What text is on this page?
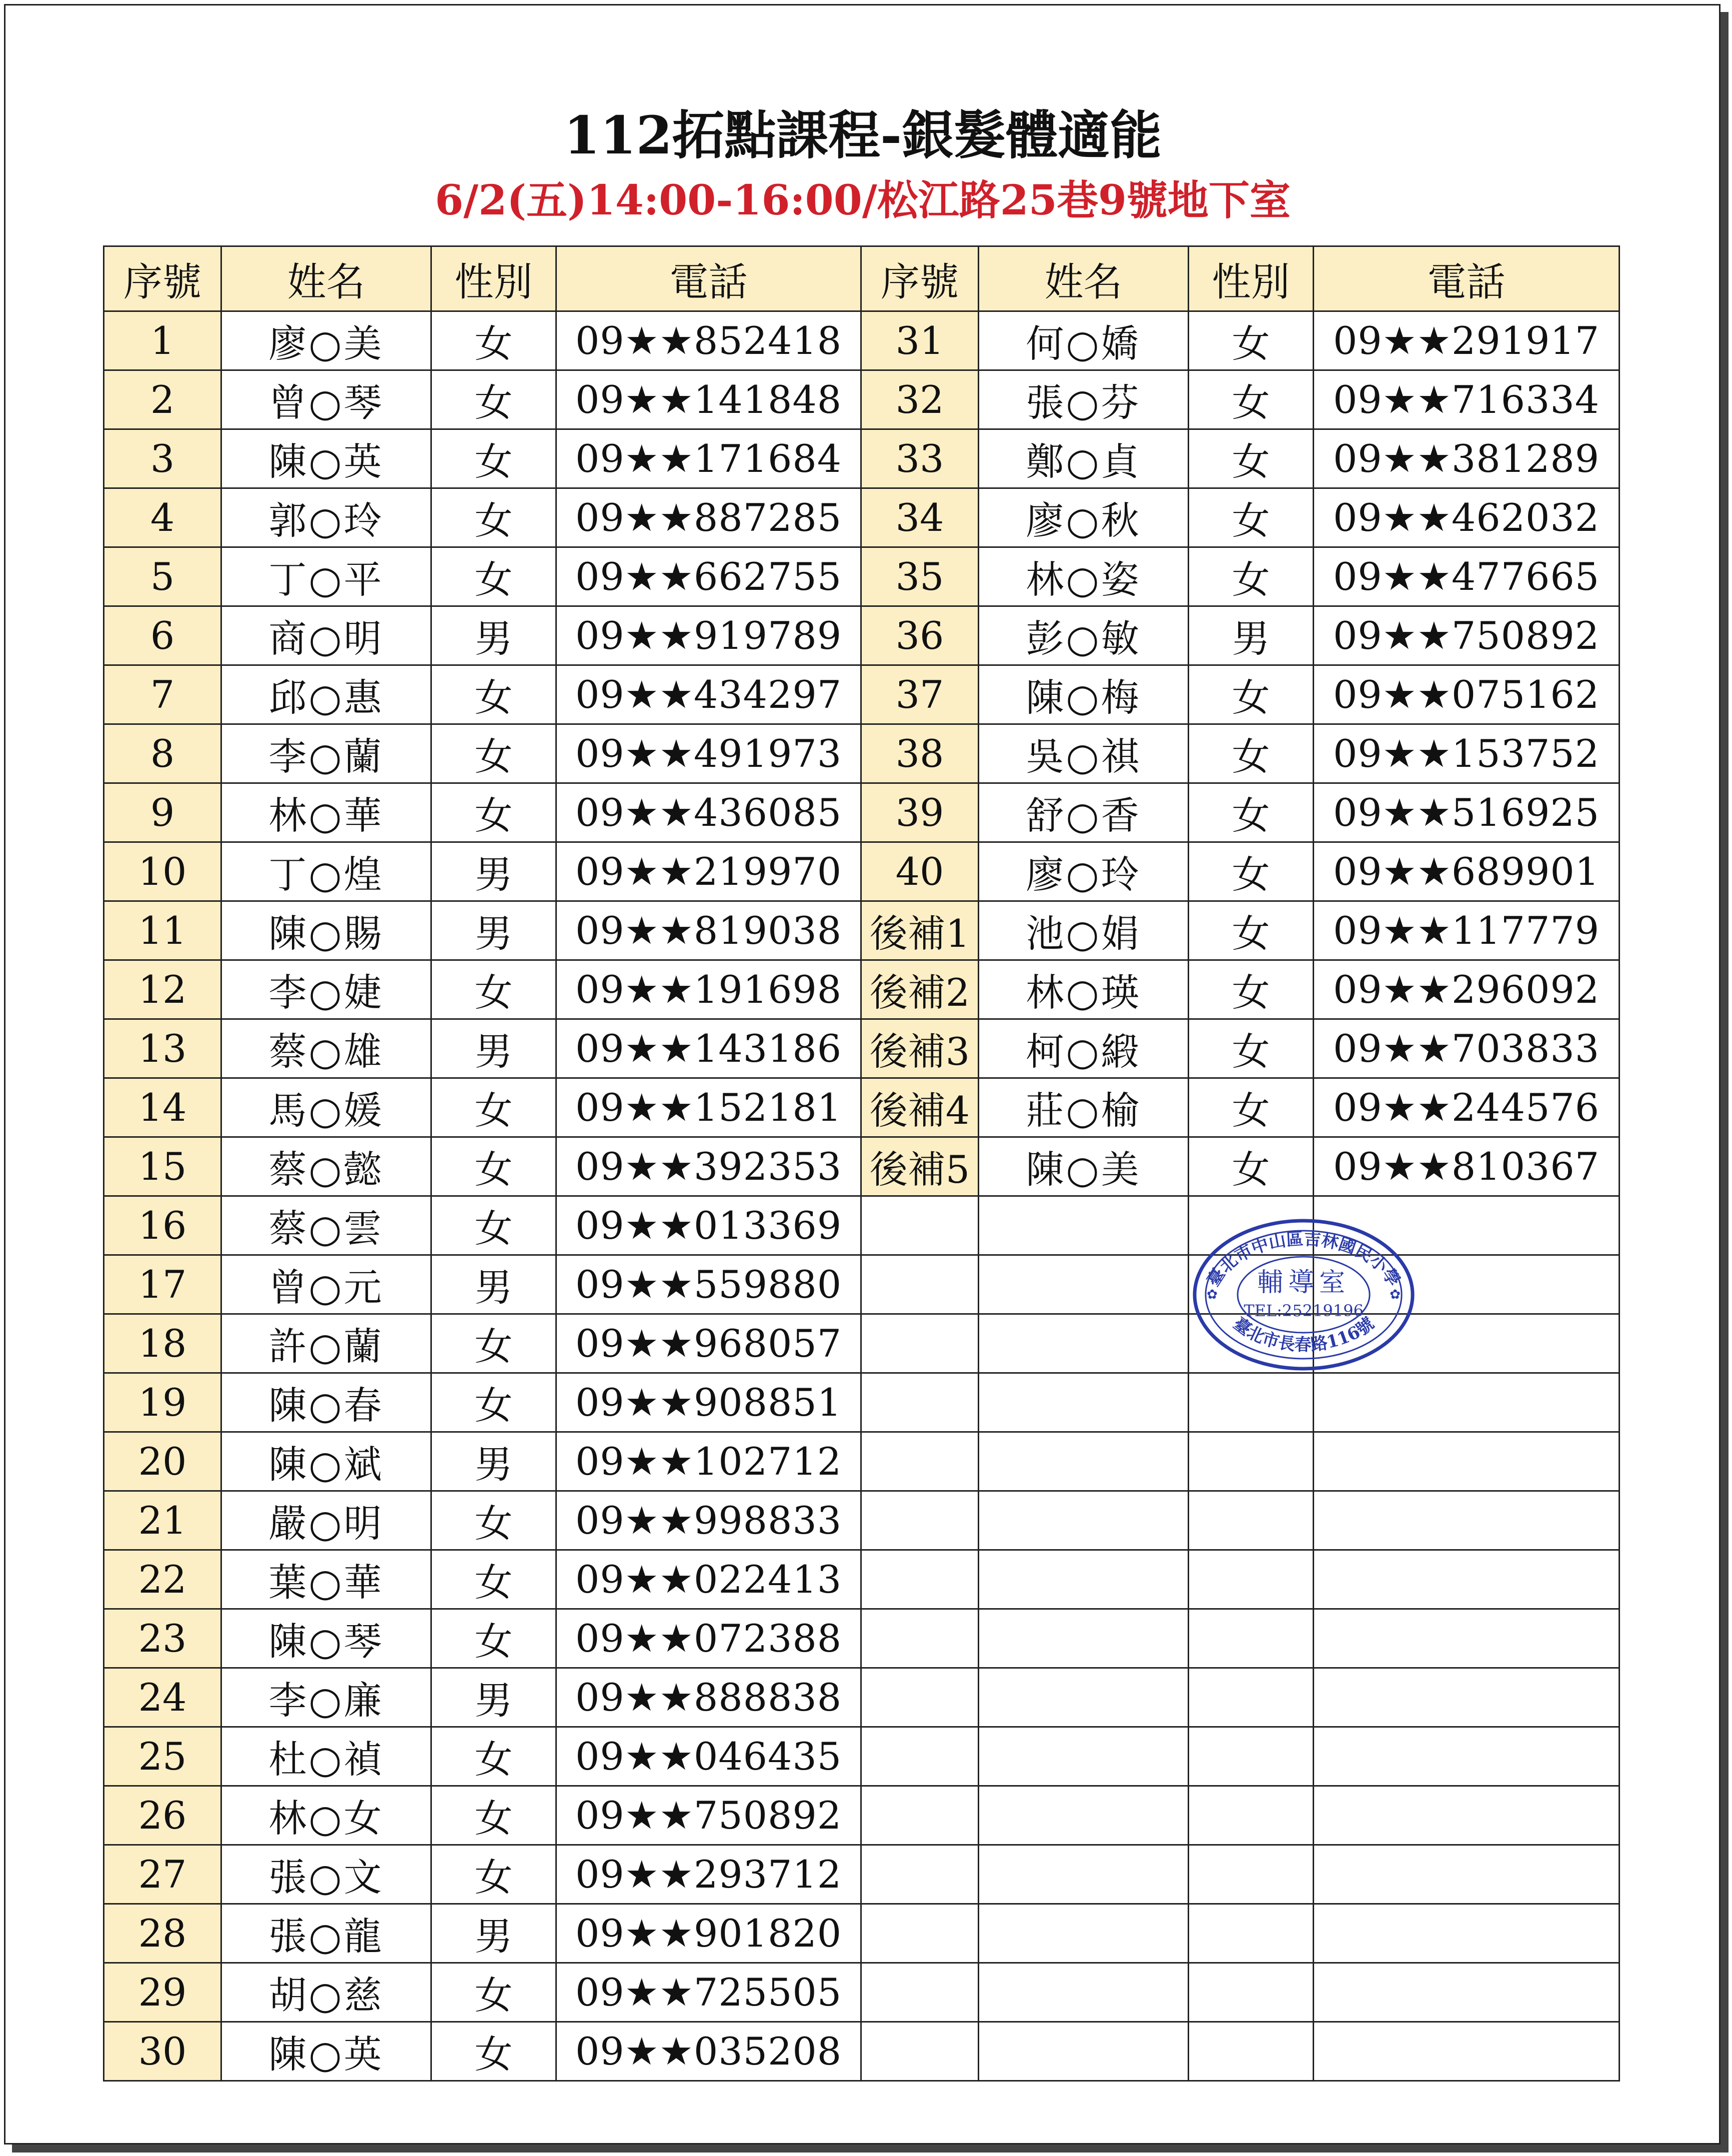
112拓點課程-銀髮體適能
6/2(五)14:00-16:00/松江路25巷9號地下室
序號	姓名	性別	電話	序號	姓名	性別	電話
1	廖○美	女	09★★852418	31	何○嬌	女	09★★291917
2	曾○琴	女	09★★141848	32	張○芬	女	09★★716334
3	陳○英	女	09★★171684	33	鄭○貞	女	09★★381289
4	郭○玲	女	09★★887285	34	廖○秋	女	09★★462032
5	丁○平	女	09★★662755	35	林○姿	女	09★★477665
6	商○明	男	09★★919789	36	彭○敏	男	09★★750892
7	邱○惠	女	09★★434297	37	陳○梅	女	09★★075162
8	李○蘭	女	09★★491973	38	吳○祺	女	09★★153752
9	林○華	女	09★★436085	39	舒○香	女	09★★516925
10	丁○煌	男	09★★219970	40	廖○玲	女	09★★689901
11	陳○賜	男	09★★819038	後補1	池○娟	女	09★★117779
12	李○婕	女	09★★191698	後補2	林○瑛	女	09★★296092
13	蔡○雄	男	09★★143186	後補3	柯○緞	女	09★★703833
14	馬○媛	女	09★★152181	後補4	莊○榆	女	09★★244576
15	蔡○懿	女	09★★392353	後補5	陳○美	女	09★★810367
16	蔡○雲	女	09★★013369				
17	曾○元	男	09★★559880				
18	許○蘭	女	09★★968057				
19	陳○春	女	09★★908851				
20	陳○斌	男	09★★102712				
21	嚴○明	女	09★★998833				
22	葉○華	女	09★★022413				
23	陳○琴	女	09★★072388				
24	李○廉	男	09★★888838				
25	杜○禎	女	09★★046435				
26	林○女	女	09★★750892				
27	張○文	女	09★★293712				
28	張○龍	男	09★★901820				
29	胡○慈	女	09★★725505				
30	陳○英	女	09★★035208				
臺北市中山區吉林國民小學
臺北市長春路116號
輔導室
TEL:25219196
✿	✿
